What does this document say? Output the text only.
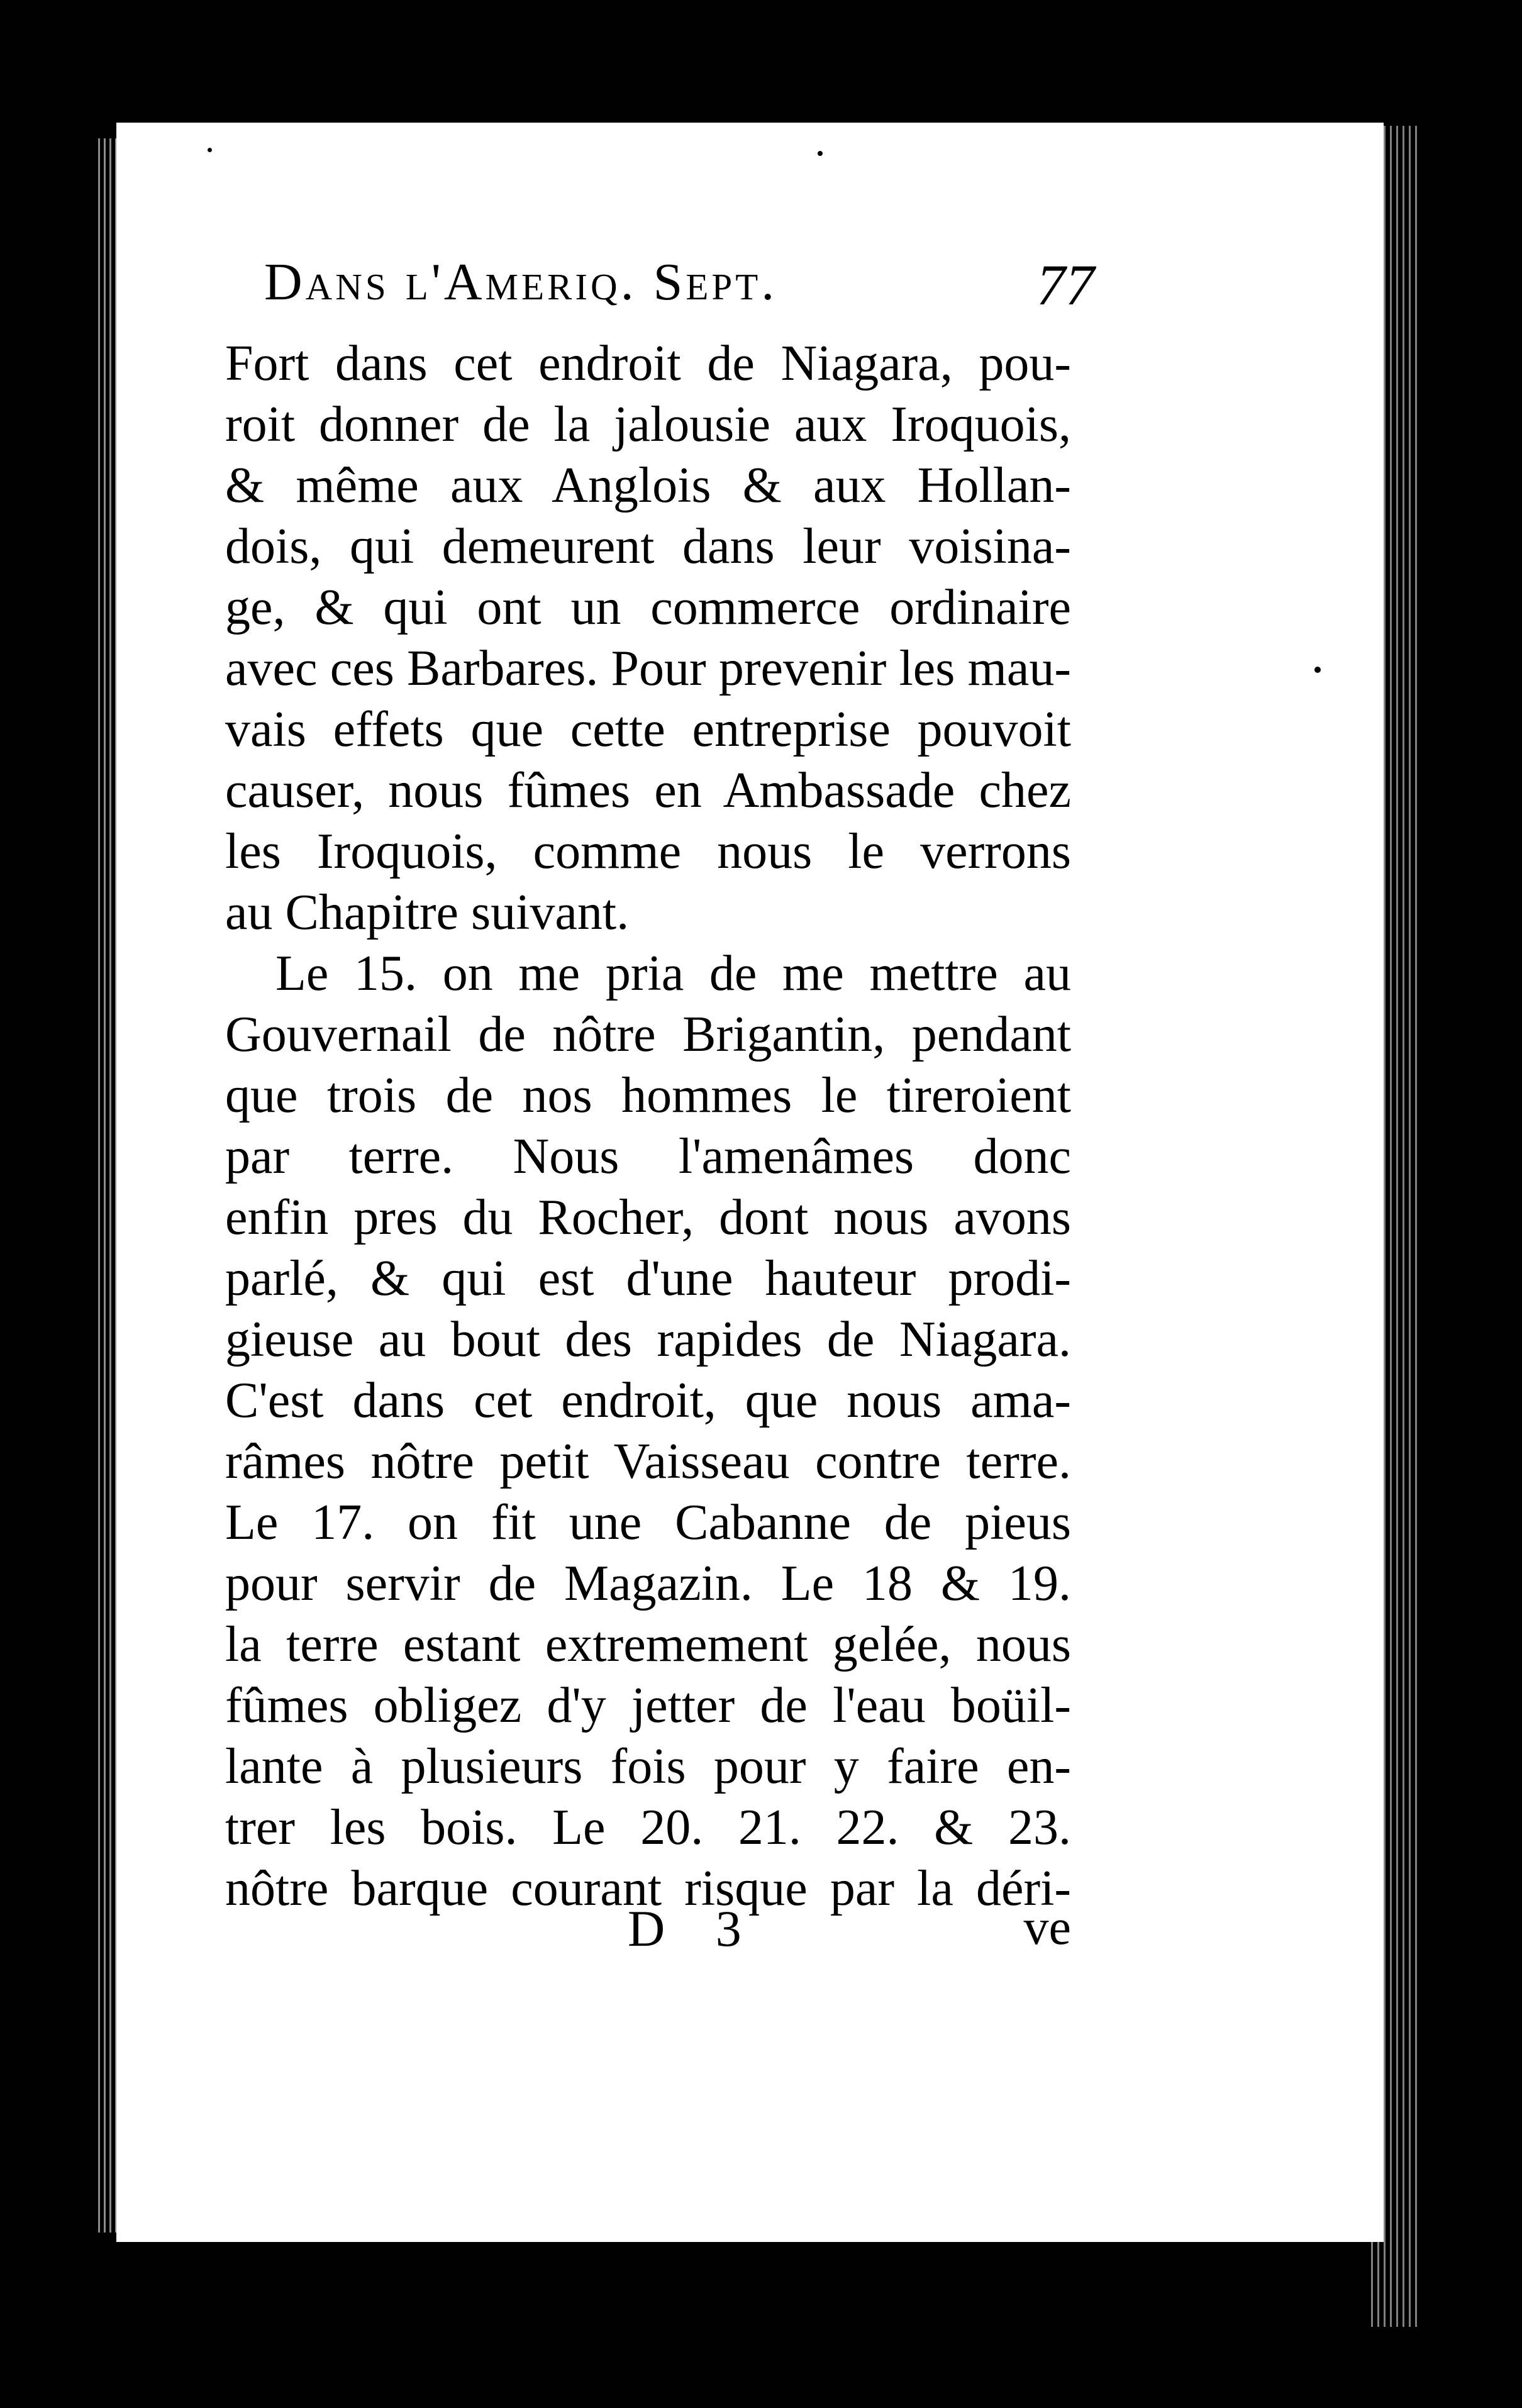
Dans l'Ameriq. Sept.	77
Fort dans cet endroit de Niagara, pou-
roit donner de la jalousie aux Iroquois,
& même aux Anglois & aux Hollan-
dois, qui demeurent dans leur voisina-
ge, & qui ont un commerce ordinaire
avec ces Barbares. Pour prevenir les mau-
vais effets que cette entreprise pouvoit
causer, nous fûmes en Ambassade chez
les Iroquois, comme nous le verrons
au Chapitre suivant.
Le 15. on me pria de me mettre au
Gouvernail de nôtre Brigantin, pendant
que trois de nos hommes le tireroient
par terre. Nous l'amenâmes donc
enfin pres du Rocher, dont nous avons
parlé, & qui est d'une hauteur prodi-
gieuse au bout des rapides de Niagara.
C'est dans cet endroit, que nous ama-
râmes nôtre petit Vaisseau contre terre.
Le 17. on fit une Cabanne de pieus
pour servir de Magazin. Le 18 & 19.
la terre estant extremement gelée, nous
fûmes obligez d'y jetter de l'eau boüil-
lante à plusieurs fois pour y faire en-
trer les bois. Le 20. 21. 22. & 23.
nôtre barque courant risque par la déri-
D 3	ve
